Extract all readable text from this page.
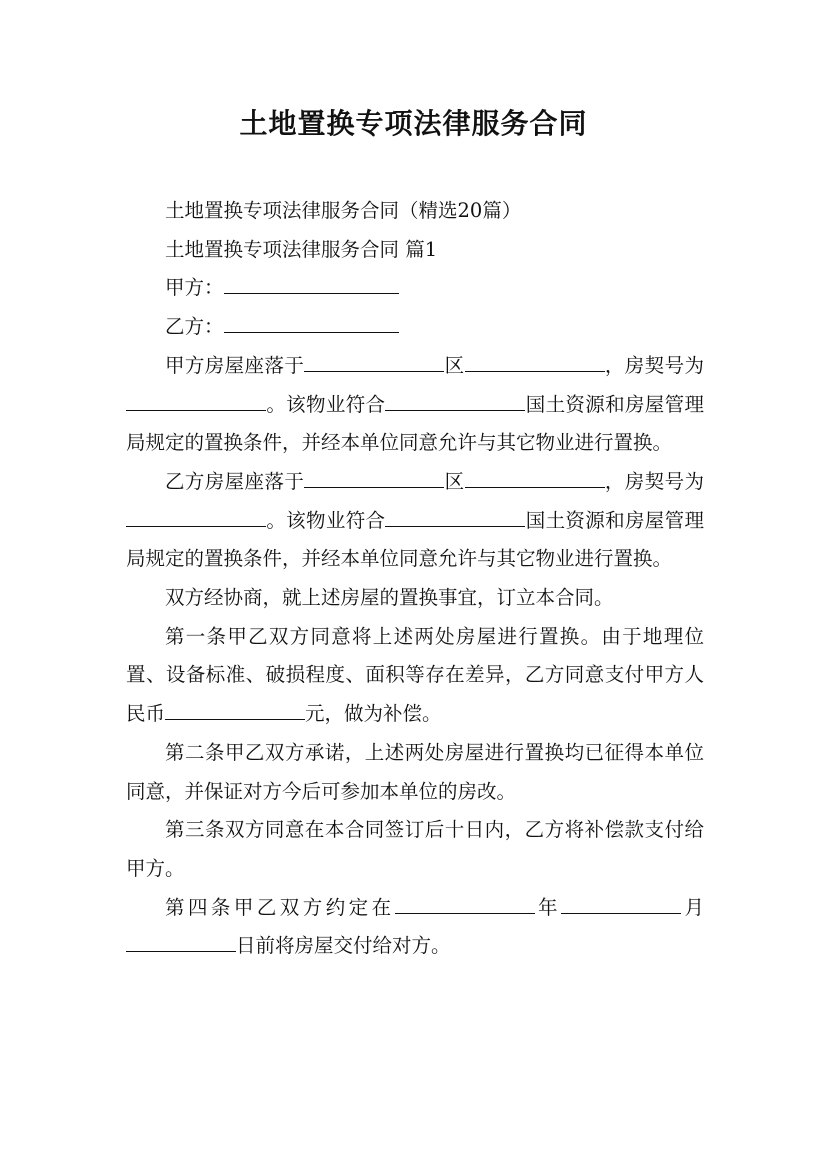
土地置换专项法律服务合同

土地置换专项法律服务合同（精选20篇）

土地置换专项法律服务合同 篇1

甲方：

乙方：

甲方房屋座落于	区	，房契号为。该物业符合	国土资源和房屋管理局规定的置换条件，并经本单位同意允许与其它物业进行置换。

乙方房屋座落于	区	，房契号为。该物业符合	国土资源和房屋管理局规定的置换条件，并经本单位同意允许与其它物业进行置换。

双方经协商，就上述房屋的置换事宜，订立本合同。

第一条甲乙双方同意将上述两处房屋进行置换。由于地理位置、设备标准、破损程度、面积等存在差异，乙方同意支付甲方人民币	元，做为补偿。

第二条甲乙双方承诺，上述两处房屋进行置换均已征得本单位同意，并保证对方今后可参加本单位的房改。

第三条双方同意在本合同签订后十日内，乙方将补偿款支付给甲方。

第四条甲乙双方约定在	年	月日前将房屋交付给对方。
